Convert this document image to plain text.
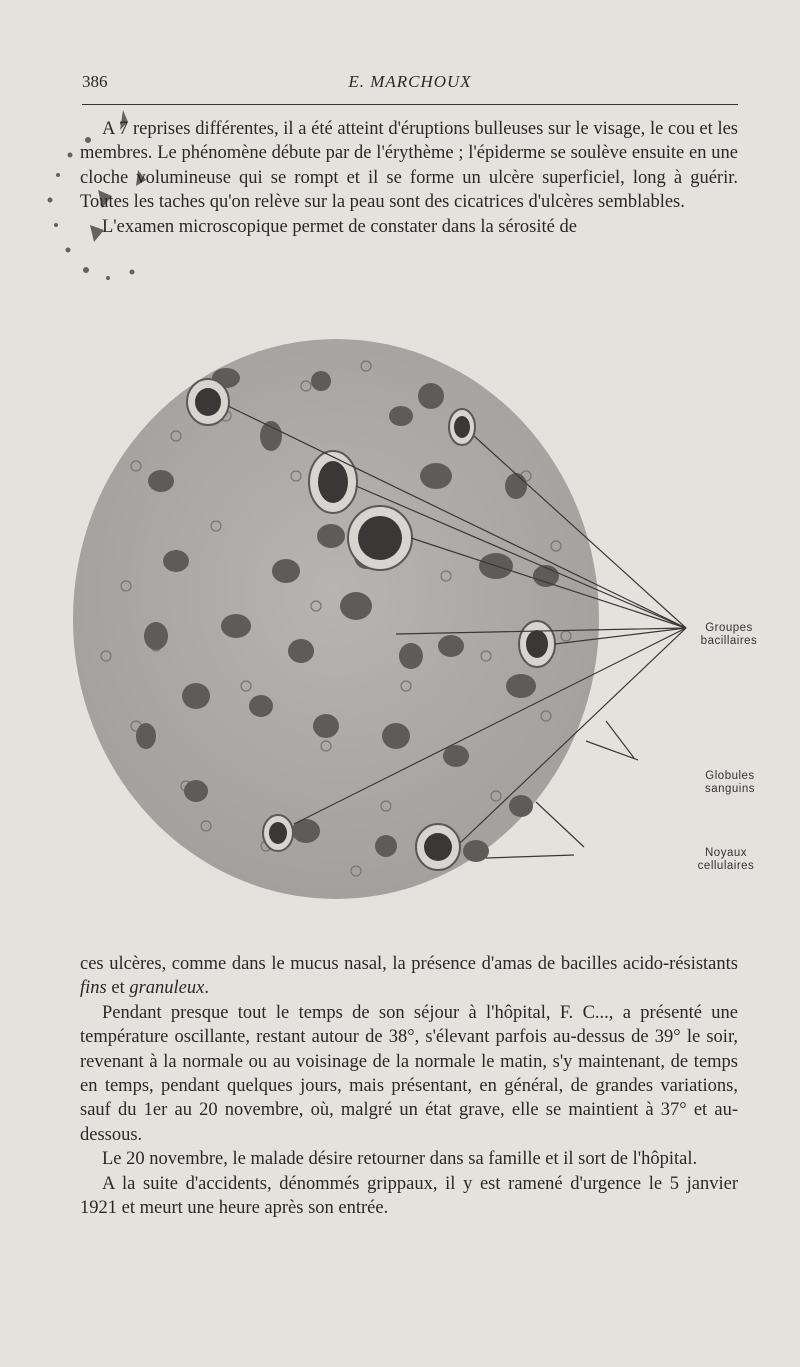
386	E. MARCHOUX

A 7 reprises différentes, il a été atteint d'éruptions bulleuses sur le visage, le cou et les membres. Le phénomène débute par de l'érythème ; l'épiderme se soulève ensuite en une cloche volumineuse qui se rompt et il se forme un ulcère superficiel, long à guérir. Toutes les taches qu'on relève sur la peau sont des cicatrices d'ulcères semblables.

L'examen microscopique permet de constater dans la sérosité de

Groupes
bacillaires
Globules
sanguins
Noyaux
cellulaires

ces ulcères, comme dans le mucus nasal, la présence d'amas de bacilles acido-résistants fins et granuleux.

Pendant presque tout le temps de son séjour à l'hôpital, F. C..., a présenté une température oscillante, restant autour de 38°, s'élevant parfois au-dessus de 39° le soir, revenant à la normale ou au voisinage de la normale le matin, s'y maintenant, de temps en temps, pendant quelques jours, mais présentant, en général, de grandes variations, sauf du 1er au 20 novembre, où, malgré un état grave, elle se maintient à 37° et au-dessous.

Le 20 novembre, le malade désire retourner dans sa famille et il sort de l'hôpital.

A la suite d'accidents, dénommés grippaux, il y est ramené d'urgence le 5 janvier 1921 et meurt une heure après son entrée.
